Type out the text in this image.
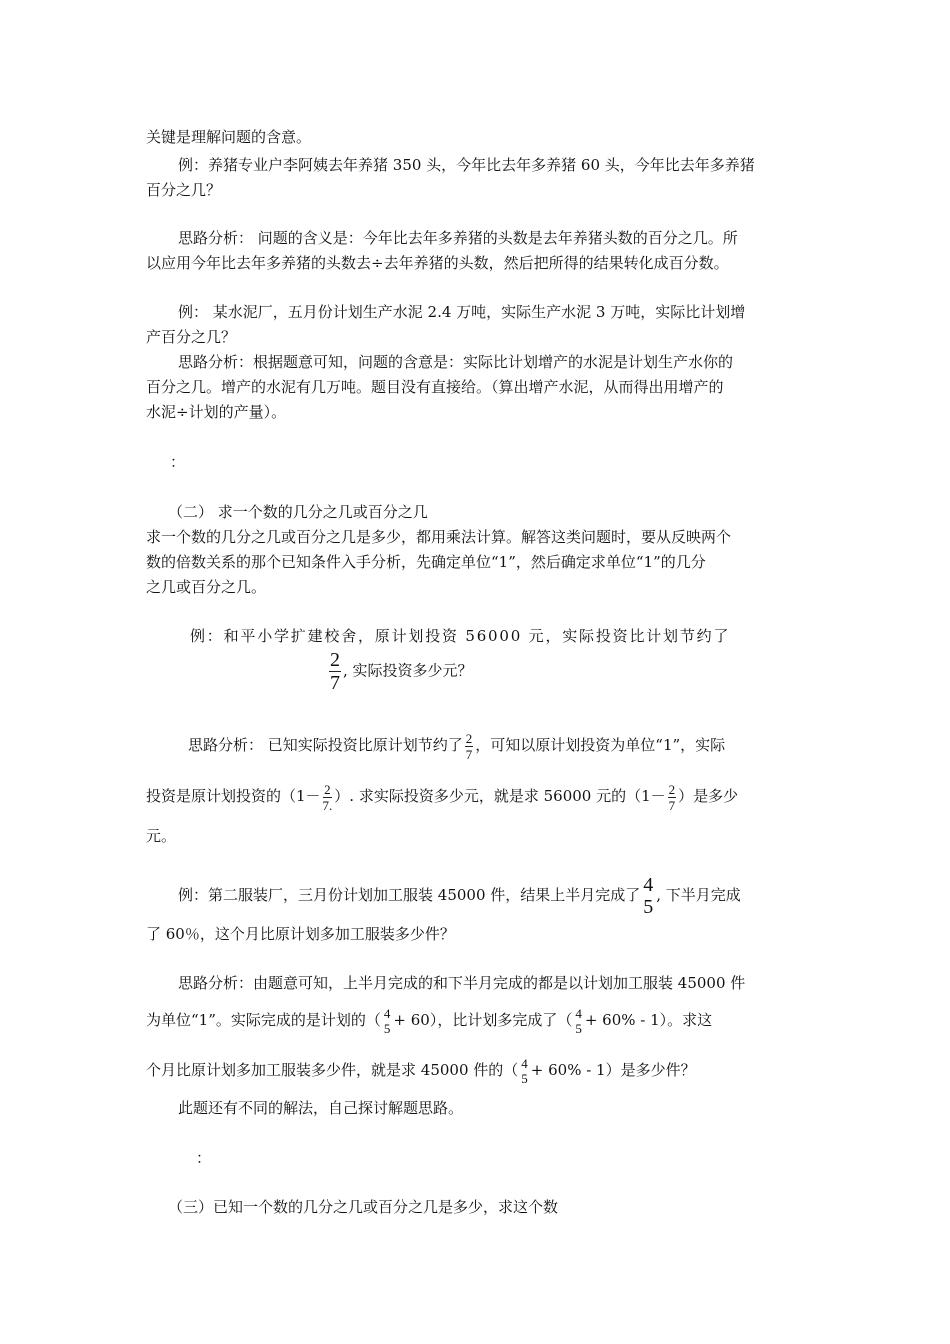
关键是理解问题的含意。
例：养猪专业户李阿姨去年养猪 350 头，今年比去年多养猪 60 头，今年比去年多养猪
百分之几？
思路分析： 问题的含义是：今年比去年多养猪的头数是去年养猪头数的百分之几。所
以应用今年比去年多养猪的头数去÷去年养猪的头数，然后把所得的结果转化成百分数。
例： 某水泥厂，五月份计划生产水泥 2.4 万吨，实际生产水泥 3 万吨，实际比计划增
产百分之几？
思路分析：根据题意可知，问题的含意是：实际比计划增产的水泥是计划生产水你的
百分之几。增产的水泥有几万吨。题目没有直接给。（算出增产水泥，从而得出用增产的
水泥÷计划的产量）。
：
（二） 求一个数的几分之几或百分之几
求一个数的几分之几或百分之几是多少，都用乘法计算。解答这类问题时，要从反映两个
数的倍数关系的那个已知条件入手分析，先确定单位“1”，然后确定求单位“1”的几分
之几或百分之几。
例：和平小学扩建校舍，原计划投资 56000 元，实际投资比计划节约了
$\frac{2}{7}$ , 实际投资多少元？
思路分析： 已知实际投资比原计划节约了 $\frac{2}{7}$ ，可知以原计划投资为单位“1”，实际
投资是原计划投资的（$1- \frac{2}{7.}$ ）. 求实际投资多少元，就是求 56000 元的（$1- \frac{2}{7}$ ）是多少
元。
例：第二服装厂，三月份计划加工服装 45000 件，结果上半月完成了 4
5
, 下半月完成
了 60％，这个月比原计划多加工服装多少件？
思路分析：由题意可知，上半月完成的和下半月完成的都是以计划加工服装 45000 件
为单位“1”。实际完成的是计划的（ 4
5 + 60），比计划多完成了（ 4
5 + 60% - 1）。求这
个月比原计划多加工服装多少件，就是求 45000 件的（ 4
5 + 60% - 1）是多少件？
此题还有不同的解法，自己探讨解题思路。
：
（三）已知一个数的几分之几或百分之几是多少，求这个数
